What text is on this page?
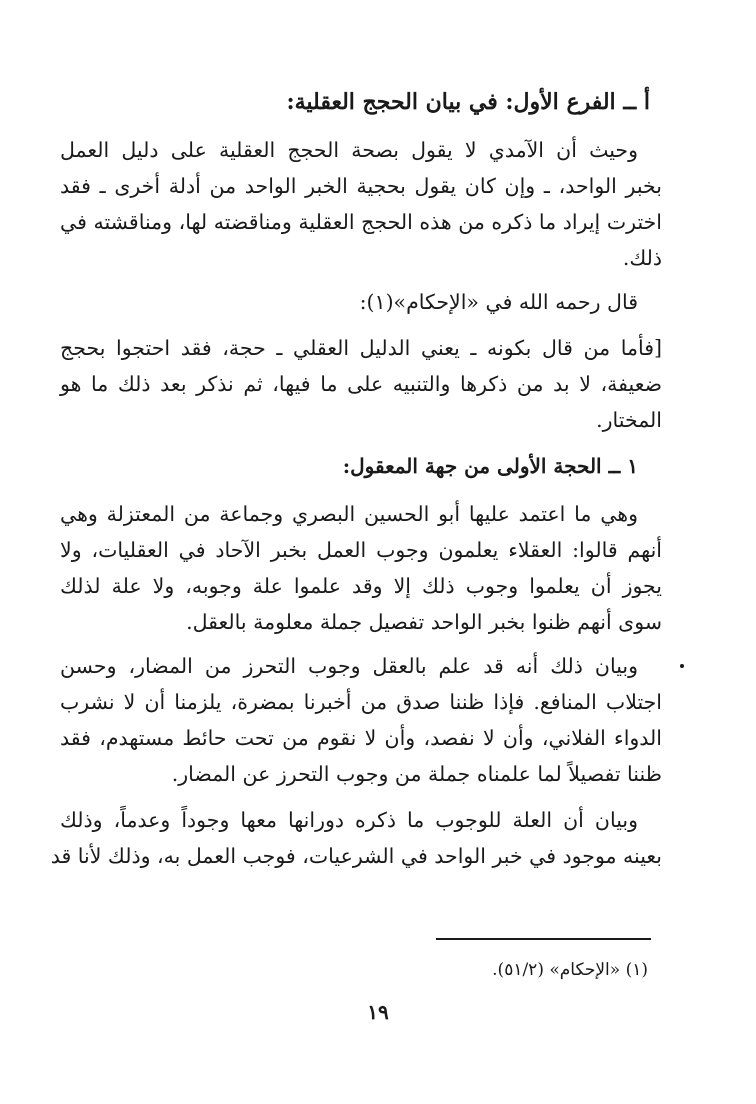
أ ــ الفرع الأول: في بيان الحجج العقلية:
وحيث أن الآمدي لا يقول بصحة الحجج العقلية على دليل العمل
بخبر الواحد، ـ وإن كان يقول بحجية الخبر الواحد من أدلة أخرى ـ فقد
اخترت إيراد ما ذكره من هذه الحجج العقلية ومناقضته لها، ومناقشته في
ذلك.
قال رحمه الله في «الإحكام»(١):
[فأما من قال بكونه ـ يعني الدليل العقلي ـ حجة، فقد احتجوا بحجج
ضعيفة، لا بد من ذكرها والتنبيه على ما فيها، ثم نذكر بعد ذلك ما هو
المختار.
١ ــ الحجة الأولى من جهة المعقول:
وهي ما اعتمد عليها أبو الحسين البصري وجماعة من المعتزلة وهي
أنهم قالوا: العقلاء يعلمون وجوب العمل بخبر الآحاد في العقليات، ولا
يجوز أن يعلموا وجوب ذلك إلا وقد علموا علة وجوبه، ولا علة لذلك
سوى أنهم ظنوا بخبر الواحد تفصيل جملة معلومة بالعقل.
وبيان ذلك أنه قد علم بالعقل وجوب التحرز من المضار، وحسن
اجتلاب المنافع. فإذا ظننا صدق من أخبرنا بمضرة، يلزمنا أن لا نشرب
الدواء الفلاني، وأن لا نفصد، وأن لا نقوم من تحت حائط مستهدم، فقد
ظننا تفصيلاً لما علمناه جملة من وجوب التحرز عن المضار.
وبيان أن العلة للوجوب ما ذكره دورانها معها وجوداً وعدماً، وذلك
بعينه موجود في خبر الواحد في الشرعيات، فوجب العمل به، وذلك لأنا قد
(١) «الإحكام» (٥١/٢).
١٩
